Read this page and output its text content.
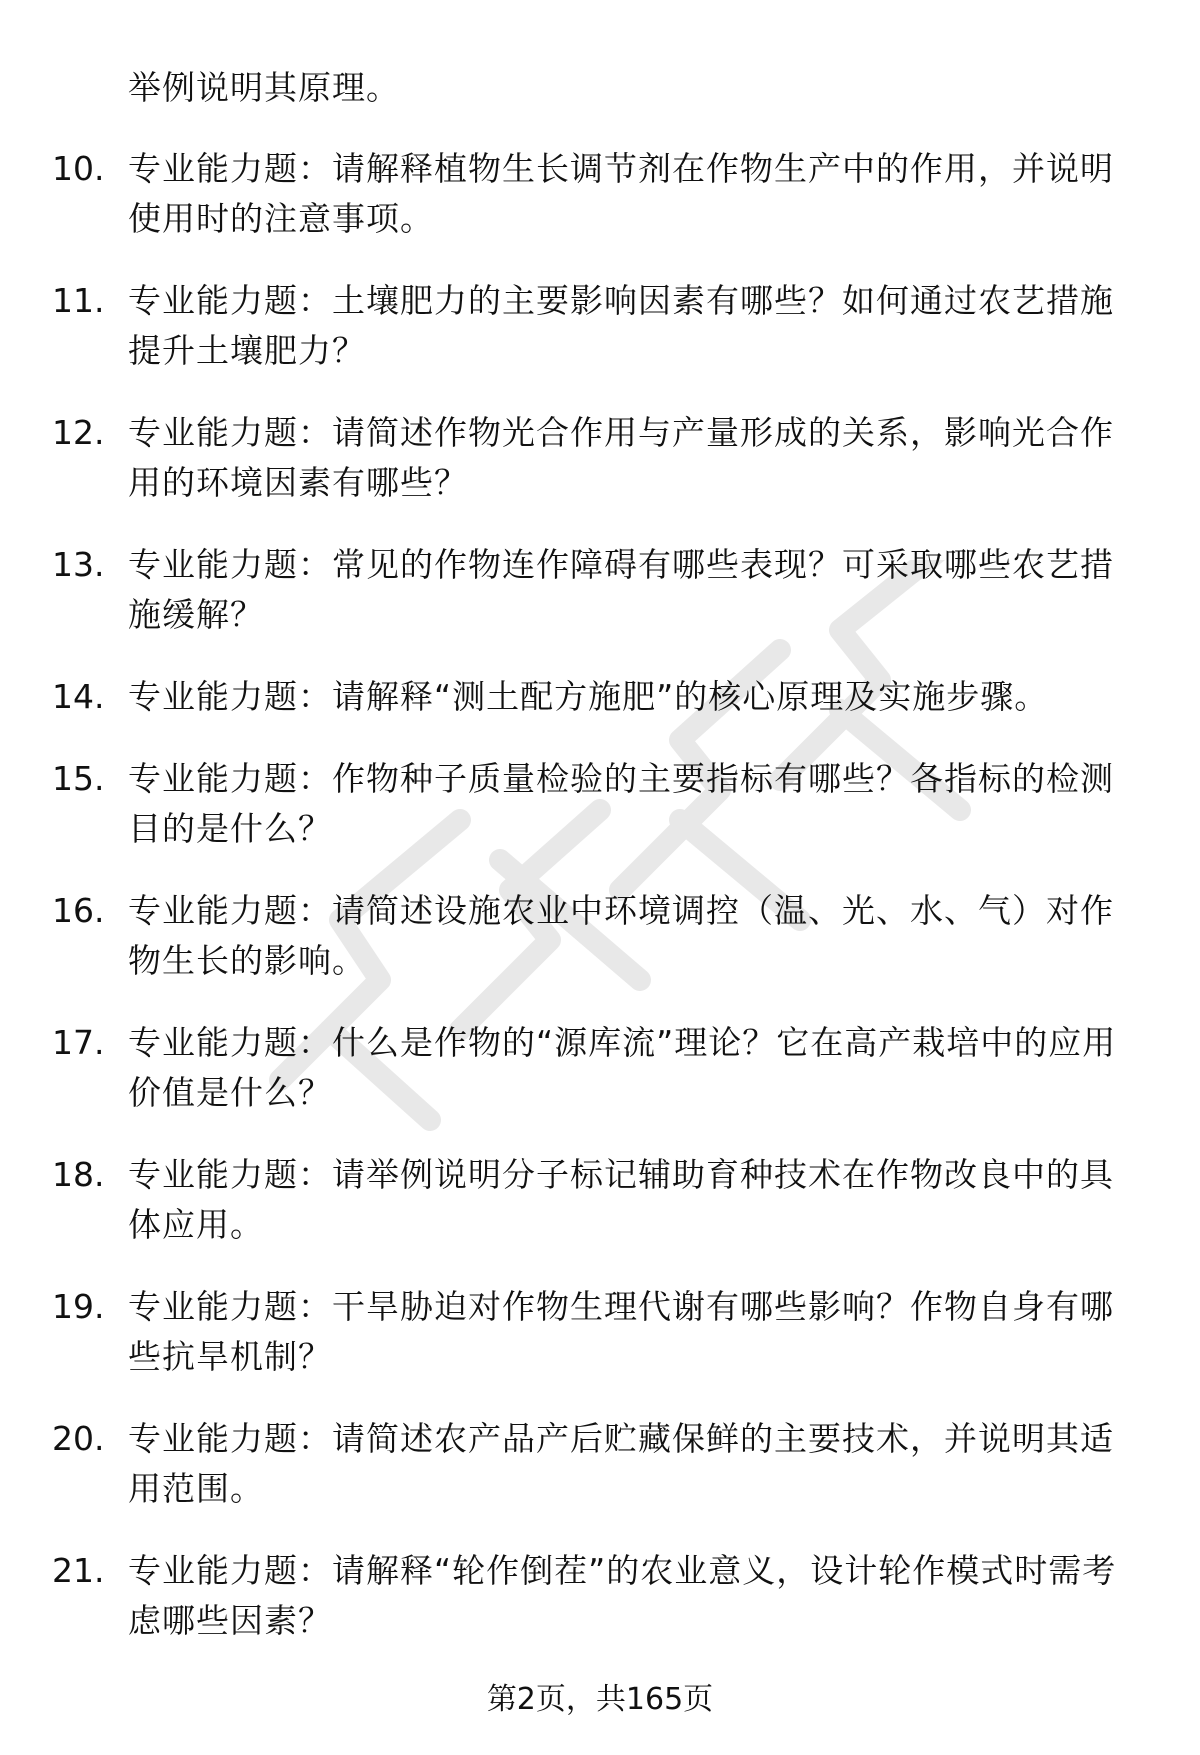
举例说明其原理。
10. 专业能力题：请解释植物生长调节剂在作物生产中的作用，并说明使用时的注意事项。
11. 专业能力题：土壤肥力的主要影响因素有哪些？如何通过农艺措施提升土壤肥力？
12. 专业能力题：请简述作物光合作用与产量形成的关系，影响光合作用的环境因素有哪些？
13. 专业能力题：常见的作物连作障碍有哪些表现？可采取哪些农艺措施缓解？
14. 专业能力题：请解释“测土配方施肥”的核心原理及实施步骤。
15. 专业能力题：作物种子质量检验的主要指标有哪些？各指标的检测目的是什么？
16. 专业能力题：请简述设施农业中环境调控（温、光、水、气）对作物生长的影响。
17. 专业能力题：什么是作物的“源库流”理论？它在高产栽培中的应用价值是什么？
18. 专业能力题：请举例说明分子标记辅助育种技术在作物改良中的具体应用。
19. 专业能力题：干旱胁迫对作物生理代谢有哪些影响？作物自身有哪些抗旱机制？
20. 专业能力题：请简述农产品产后贮藏保鲜的主要技术，并说明其适用范围。
21. 专业能力题：请解释“轮作倒茬”的农业意义，设计轮作模式时需考虑哪些因素？
第2页，共165页
